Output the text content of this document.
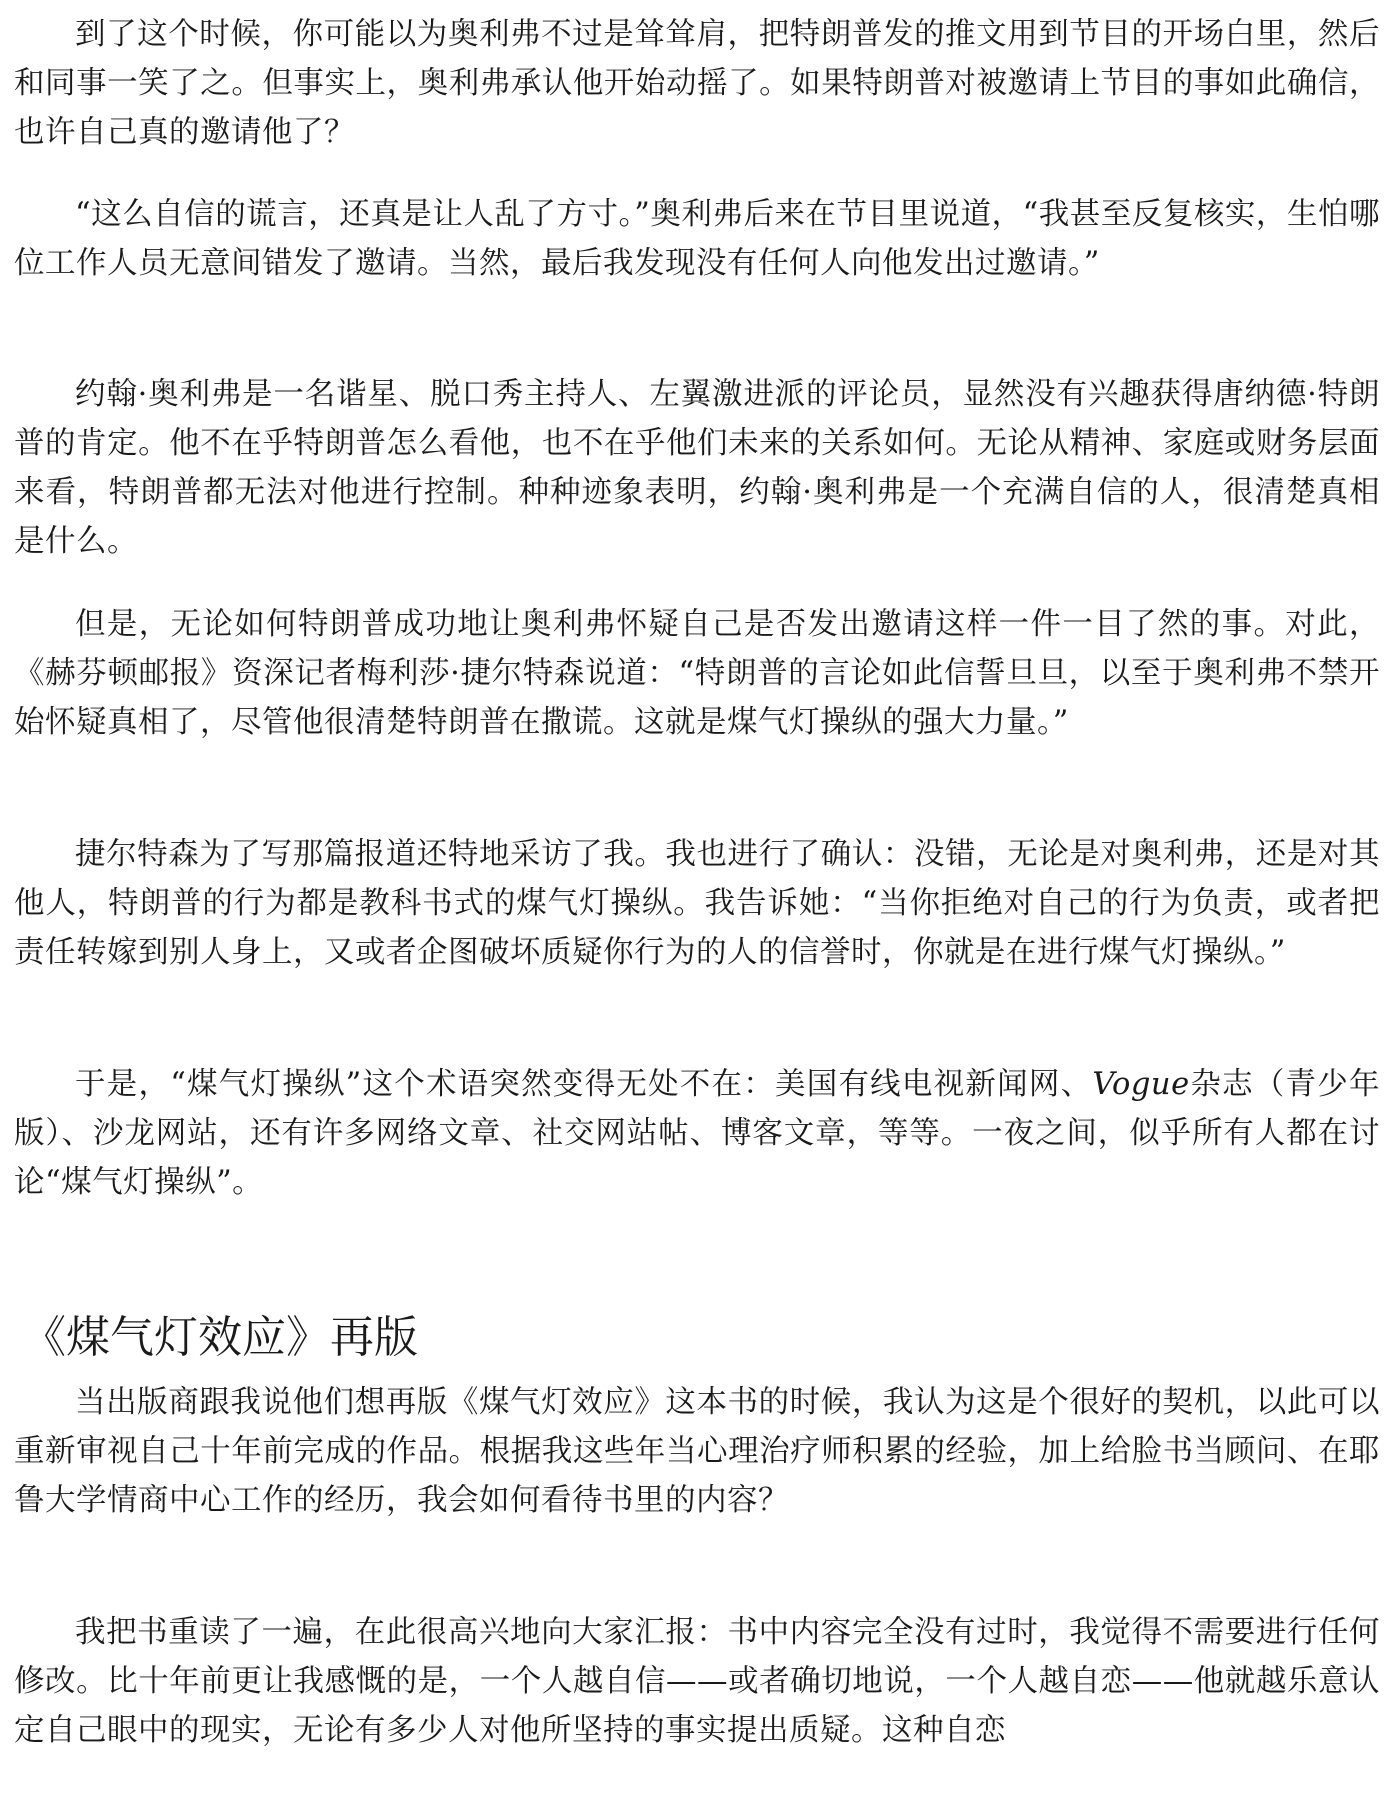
到了这个时候，你可能以为奥利弗不过是耸耸肩，把特朗普发的推文用到节目的开场白里，然后和同事一笑了之。但事实上，奥利弗承认他开始动摇了。如果特朗普对被邀请上节目的事如此确信，也许自己真的邀请他了？

“这么自信的谎言，还真是让人乱了方寸。”奥利弗后来在节目里说道，“我甚至反复核实，生怕哪位工作人员无意间错发了邀请。当然，最后我发现没有任何人向他发出过邀请。”

约翰·奥利弗是一名谐星、脱口秀主持人、左翼激进派的评论员，显然没有兴趣获得唐纳德·特朗普的肯定。他不在乎特朗普怎么看他，也不在乎他们未来的关系如何。无论从精神、家庭或财务层面来看，特朗普都无法对他进行控制。种种迹象表明，约翰·奥利弗是一个充满自信的人，很清楚真相是什么。

但是，无论如何特朗普成功地让奥利弗怀疑自己是否发出邀请这样一件一目了然的事。对此，《赫芬顿邮报》资深记者梅利莎·捷尔特森说道：“特朗普的言论如此信誓旦旦，以至于奥利弗不禁开始怀疑真相了，尽管他很清楚特朗普在撒谎。这就是煤气灯操纵的强大力量。”

捷尔特森为了写那篇报道还特地采访了我。我也进行了确认：没错，无论是对奥利弗，还是对其他人，特朗普的行为都是教科书式的煤气灯操纵。我告诉她：“当你拒绝对自己的行为负责，或者把责任转嫁到别人身上，又或者企图破坏质疑你行为的人的信誉时，你就是在进行煤气灯操纵。”

于是，“煤气灯操纵”这个术语突然变得无处不在：美国有线电视新闻网、Vogue杂志（青少年版）、沙龙网站，还有许多网络文章、社交网站帖、博客文章，等等。一夜之间，似乎所有人都在讨论“煤气灯操纵”。

《煤气灯效应》再版

当出版商跟我说他们想再版《煤气灯效应》这本书的时候，我认为这是个很好的契机，以此可以重新审视自己十年前完成的作品。根据我这些年当心理治疗师积累的经验，加上给脸书当顾问、在耶鲁大学情商中心工作的经历，我会如何看待书里的内容？

我把书重读了一遍，在此很高兴地向大家汇报：书中内容完全没有过时，我觉得不需要进行任何修改。比十年前更让我感慨的是，一个人越自信——或者确切地说，一个人越自恋——他就越乐意认定自己眼中的现实，无论有多少人对他所坚持的事实提出质疑。这种自恋
